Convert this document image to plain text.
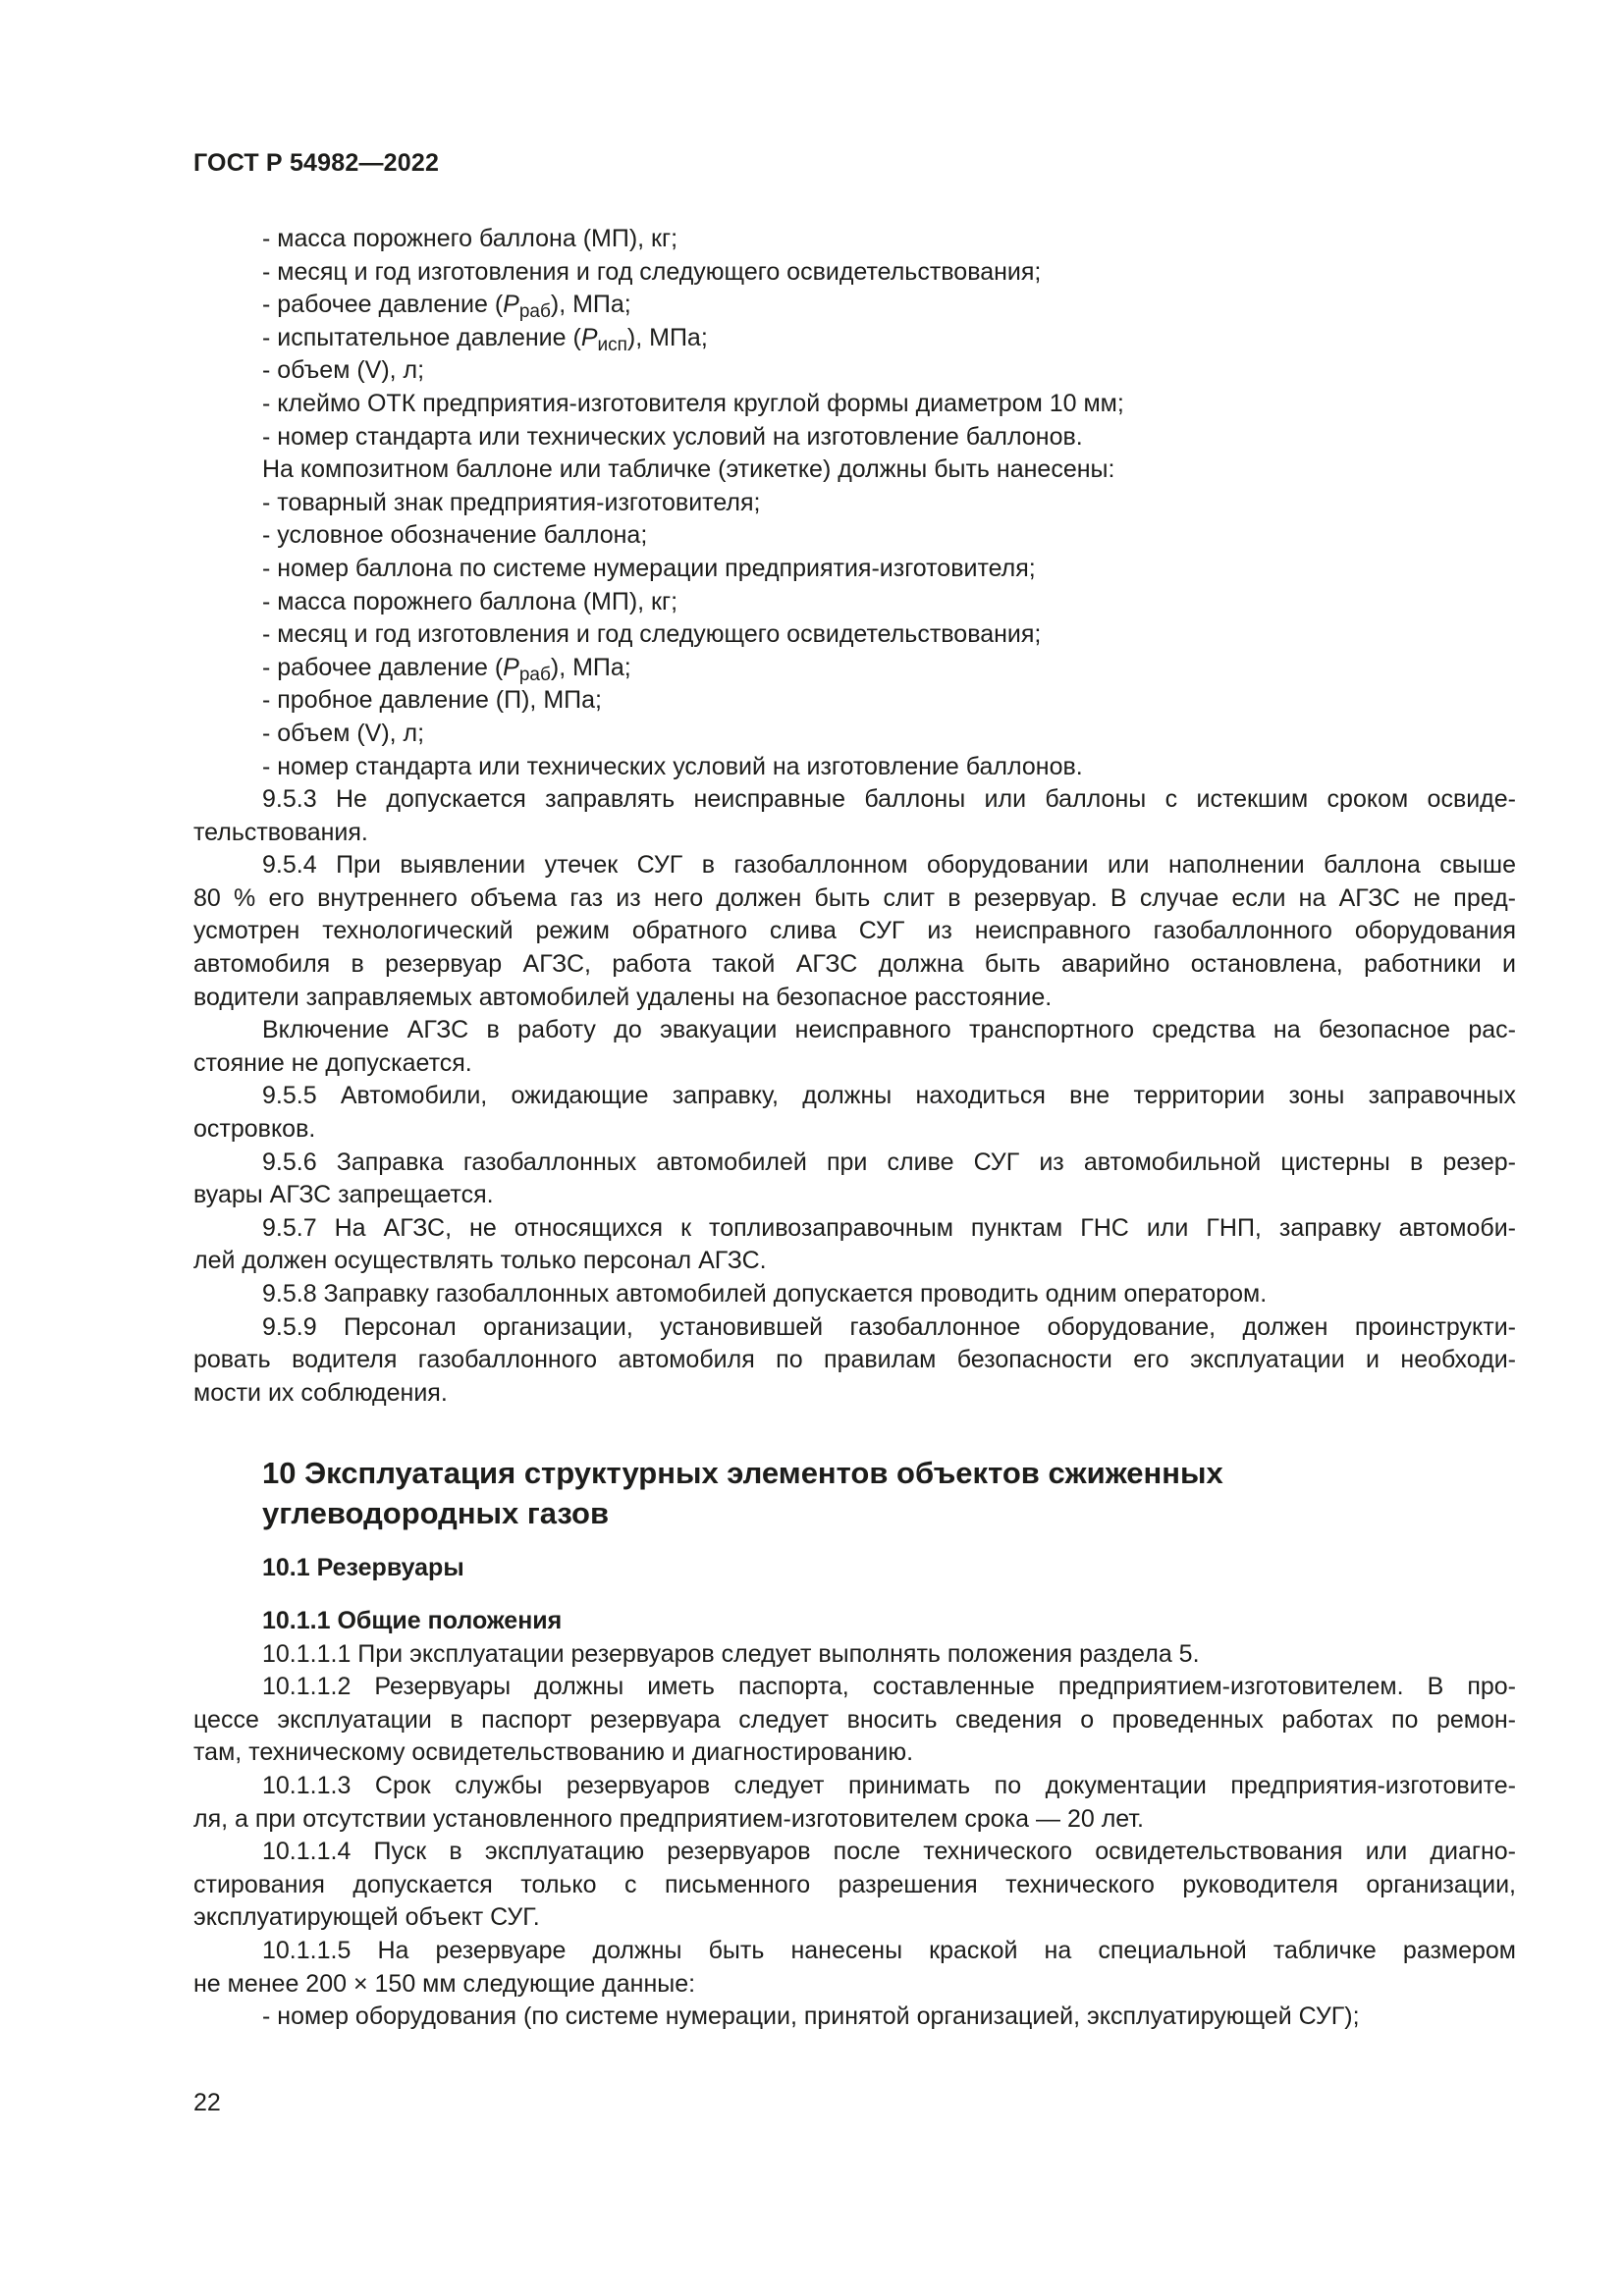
ГОСТ Р 54982—2022
- масса порожнего баллона (МП), кг;
- месяц и год изготовления и год следующего освидетельствования;
- рабочее давление $(Р_{раб})$, МПа;
- испытательное давление $(Р_{исп})$, МПа;
- объем (V), л;
- клеймо ОТК предприятия-изготовителя круглой формы диаметром 10 мм;
- номер стандарта или технических условий на изготовление баллонов.
На композитном баллоне или табличке (этикетке) должны быть нанесены:
- товарный знак предприятия-изготовителя;
- условное обозначение баллона;
- номер баллона по системе нумерации предприятия-изготовителя;
- масса порожнего баллона (МП), кг;
- месяц и год изготовления и год следующего освидетельствования;
- рабочее давление $(Р_{раб})$, МПа;
- пробное давление (П), МПа;
- объем (V), л;
- номер стандарта или технических условий на изготовление баллонов.
9.5.3 Не допускается заправлять неисправные баллоны или баллоны с истекшим сроком освиде-
тельствования.
9.5.4 При выявлении утечек СУГ в газобаллонном оборудовании или наполнении баллона свыше
80 % его внутреннего объема газ из него должен быть слит в резервуар. В случае если на АГЗС не пред-
усмотрен технологический режим обратного слива СУГ из неисправного газобаллонного оборудования
автомобиля в резервуар АГЗС, работа такой АГЗС должна быть аварийно остановлена, работники и
водители заправляемых автомобилей удалены на безопасное расстояние.
Включение АГЗС в работу до эвакуации неисправного транспортного средства на безопасное рас-
стояние не допускается.
9.5.5 Автомобили, ожидающие заправку, должны находиться вне территории зоны заправочных
островков.
9.5.6 Заправка газобаллонных автомобилей при сливе СУГ из автомобильной цистерны в резер-
вуары АГЗС запрещается.
9.5.7 На АГЗС, не относящихся к топливозаправочным пунктам ГНС или ГНП, заправку автомоби-
лей должен осуществлять только персонал АГЗС.
9.5.8 Заправку газобаллонных автомобилей допускается проводить одним оператором.
9.5.9 Персонал организации, установившей газобаллонное оборудование, должен проинструкти-
ровать водителя газобаллонного автомобиля по правилам безопасности его эксплуатации и необходи-
мости их соблюдения.
10 Эксплуатация структурных элементов объектов сжиженных
углеводородных газов
10.1 Резервуары
10.1.1 Общие положения
10.1.1.1 При эксплуатации резервуаров следует выполнять положения раздела 5.
10.1.1.2 Резервуары должны иметь паспорта, составленные предприятием-изготовителем. В про-
цессе эксплуатации в паспорт резервуара следует вносить сведения о проведенных работах по ремон-
там, техническому освидетельствованию и диагностированию.
10.1.1.3 Срок службы резервуаров следует принимать по документации предприятия-изготовите-
ля, а при отсутствии установленного предприятием-изготовителем срока — 20 лет.
10.1.1.4 Пуск в эксплуатацию резервуаров после технического освидетельствования или диагно-
стирования допускается только с письменного разрешения технического руководителя организации,
эксплуатирующей объект СУГ.
10.1.1.5 На резервуаре должны быть нанесены краской на специальной табличке размером
не менее 200 × 150 мм следующие данные:
- номер оборудования (по системе нумерации, принятой организацией, эксплуатирующей СУГ);
22
